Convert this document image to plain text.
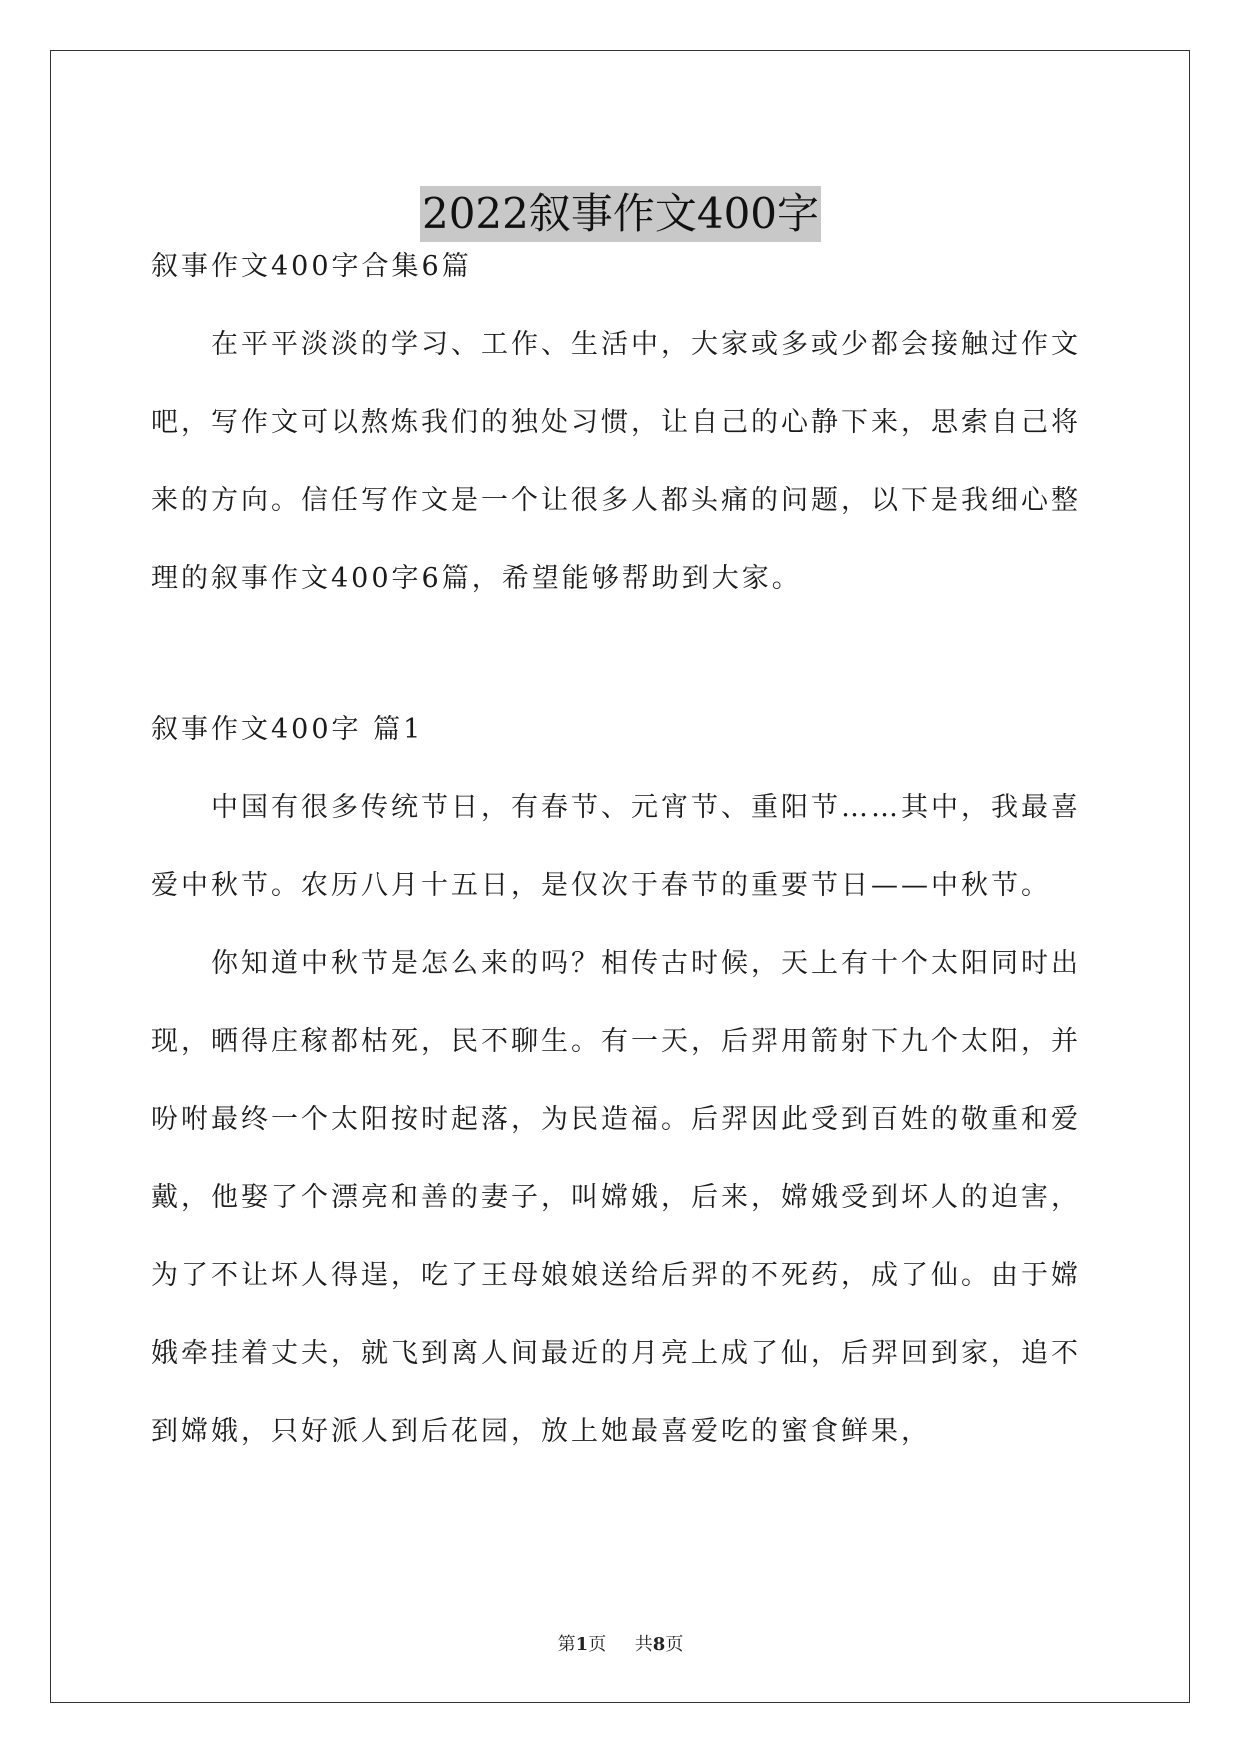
2022叙事作文400字

叙事作文400字合集6篇

在平平淡淡的学习、工作、生活中，大家或多或少都会接触过作文吧，写作文可以熬炼我们的独处习惯，让自己的心静下来，思索自己将来的方向。信任写作文是一个让很多人都头痛的问题，以下是我细心整理的叙事作文400字6篇，希望能够帮助到大家。

叙事作文400字 篇1

中国有很多传统节日，有春节、元宵节、重阳节……其中，我最喜爱中秋节。农历八月十五日，是仅次于春节的重要节日——中秋节。

你知道中秋节是怎么来的吗？相传古时候，天上有十个太阳同时出现，晒得庄稼都枯死，民不聊生。有一天，后羿用箭射下九个太阳，并吩咐最终一个太阳按时起落，为民造福。后羿因此受到百姓的敬重和爱戴，他娶了个漂亮和善的妻子，叫嫦娥，后来，嫦娥受到坏人的迫害，为了不让坏人得逞，吃了王母娘娘送给后羿的不死药，成了仙。由于嫦娥牵挂着丈夫，就飞到离人间最近的月亮上成了仙，后羿回到家，追不到嫦娥，只好派人到后花园，放上她最喜爱吃的蜜食鲜果，

第1页 共8页
